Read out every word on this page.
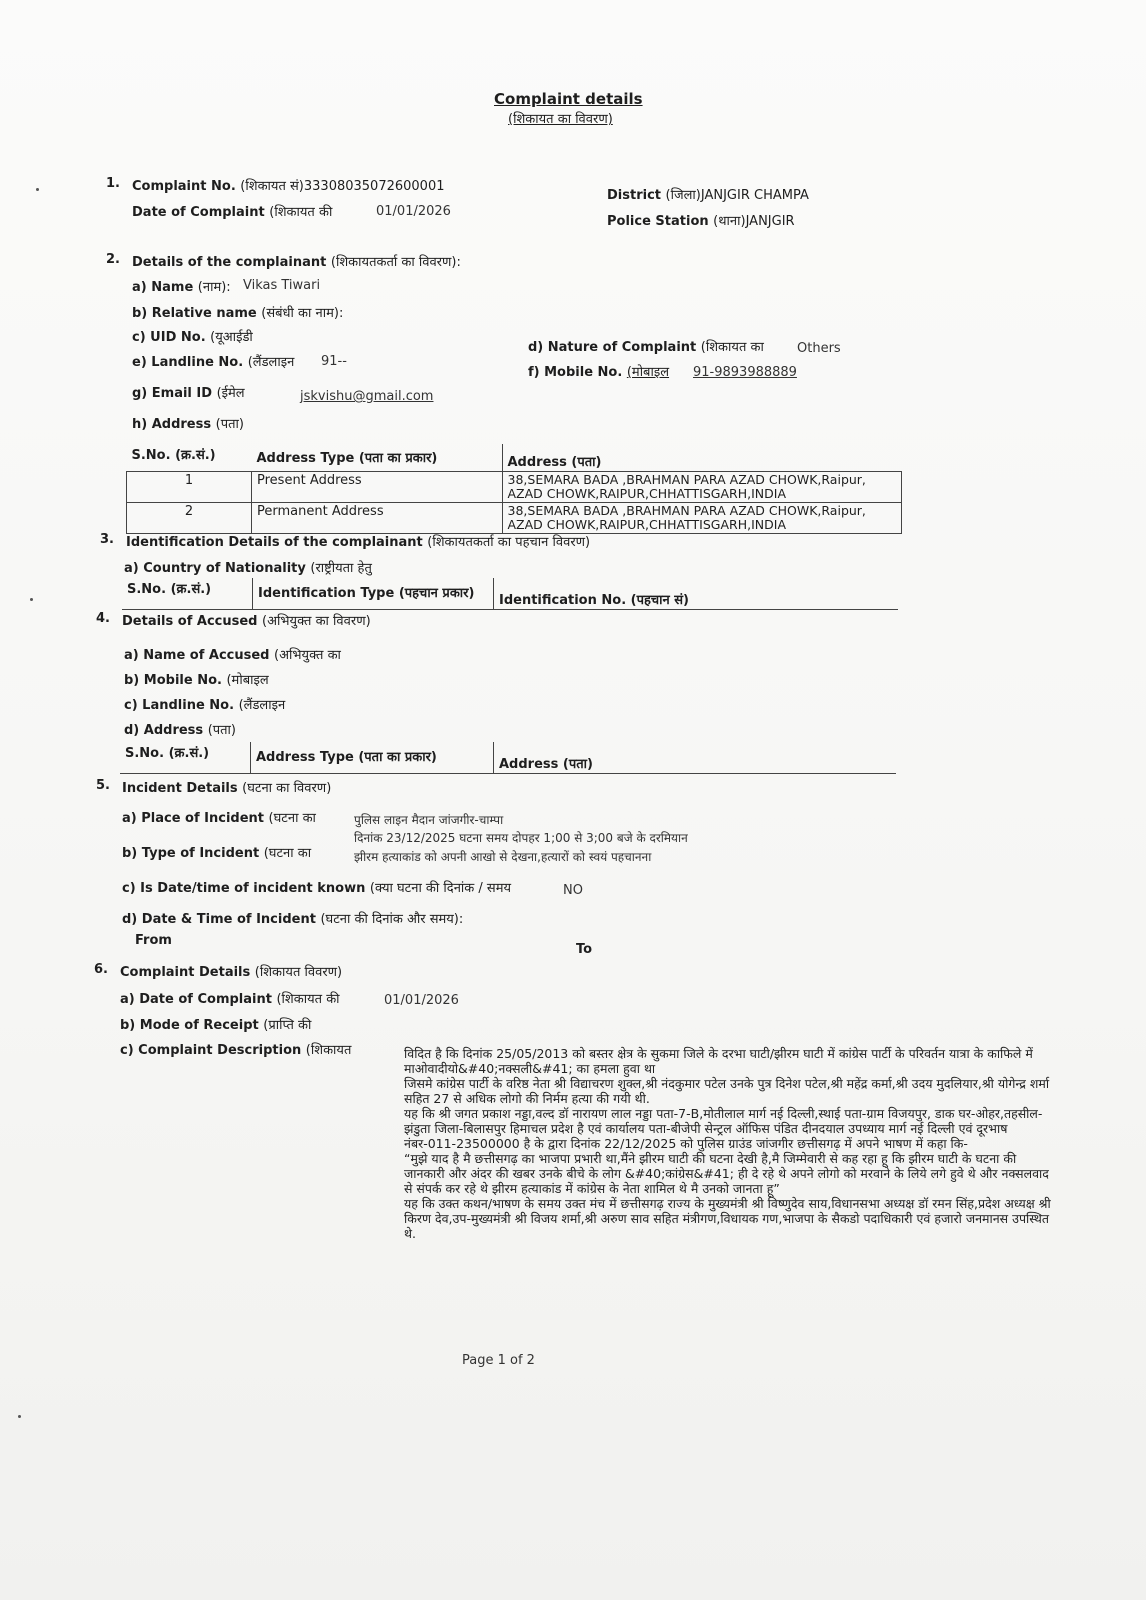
Complaint details
(शिकायत का विवरण)
1. Complaint No. (शिकायत सं)3330803507260000​1
Date of Complaint (शिकायत की	01/01/2026
District (जिला)JANJGIR CHAMPA
Police Station (थाना)JANJGIR
2. Details of the complainant (शिकायतकर्ता का विवरण):
a) Name (नाम): Vikas Tiwari
b) Relative name (संबंधी का नाम):
c) UID No. (यूआईडी
d) Nature of Complaint (शिकायत का	Others
e) Landline No. (लैंडलाइन 91--
f) Mobile No. (मोबाइल 91-9893988889
g) Email ID (ईमेल	jskvishu@gmail.com
h) Address (पता)
S.No. (क्र.सं.)	Address Type (पता का प्रकार)	Address (पता)
1	Present Address	38,SEMARA BADA ,BRAHMAN PARA AZAD CHOWK,Raipur, AZAD CHOWK,RAIPUR,CHHATTISGARH,INDIA
2	Permanent Address	38,SEMARA BADA ,BRAHMAN PARA AZAD CHOWK,Raipur, AZAD CHOWK,RAIPUR,CHHATTISGARH,INDIA
3. Identification Details of the complainant (शिकायतकर्ता का पहचान विवरण)
a) Country of Nationality (राष्ट्रीयता हेतु
S.No. (क्र.सं.)	Identification Type (पहचान प्रकार)	Identification No. (पहचान सं)
4. Details of Accused (अभियुक्त का विवरण)
a) Name of Accused (अभियुक्त का
b) Mobile No. (मोबाइल
c) Landline No. (लैंडलाइन
d) Address (पता)
S.No. (क्र.सं.)	Address Type (पता का प्रकार)	Address (पता)
5. Incident Details (घटना का विवरण)
a) Place of Incident (घटना का	पुलिस लाइन मैदान जांजगीर-चाम्पा
दिनांक 23/12/2025 घटना समय दोपहर 1;00 से 3;00 बजे के दरमियान
b) Type of Incident (घटना का	झीरम हत्याकांड को अपनी आखो से देखना,हत्यारों को स्वयं पहचानना
c) Is Date/time of incident known (क्या घटना की दिनांक / समय	NO
d) Date & Time of Incident (घटना की दिनांक और समय):
From
To
6. Complaint Details (शिकायत विवरण)
a) Date of Complaint (शिकायत की	01/01/2026
b) Mode of Receipt (प्राप्ति की
c) Complaint Description (शिकायत	विदित है कि दिनांक 25/05/2013 को बस्तर क्षेत्र के सुकमा जिले के दरभा घाटी/झीरम घाटी में कांग्रेस पार्टी के परिवर्तन यात्रा के काफिले में माओवादीयो&#40;नक्सली&#41; का हमला हुवा था

जिसमे कांग्रेस पार्टी के वरिष्ठ नेता श्री विद्याचरण शुक्ल,श्री नंदकुमार पटेल उनके पुत्र दिनेश पटेल,श्री महेंद्र कर्मा,श्री उदय मुदलियार,श्री योगेन्द्र शर्मा सहित 27 से अधिक लोगो की निर्मम हत्या की गयी थी.

यह कि श्री जगत प्रकाश नड्डा,वल्द डॉ नारायण लाल नड्डा पता-7-B,मोतीलाल मार्ग नई दिल्ली,स्थाई पता-ग्राम विजयपुर, डाक घर-ओहर,तहसील-झंडुता जिला-बिलासपुर हिमाचल प्रदेश है एवं कार्यालय पता-बीजेपी सेन्ट्रल ऑफिस पंडित दीनदयाल उपध्याय मार्ग नई दिल्ली एवं दूरभाष नंबर-011-23500000 है के द्वारा दिनांक 22/12/2025 को पुलिस ग्राउंड जांजगीर छत्तीसगढ़ में अपने भाषण में कहा कि-

“मुझे याद है मै छत्तीसगढ़ का भाजपा प्रभारी था,मैंने झीरम घाटी की घटना देखी है,मै जिम्मेवारी से कह रहा हू कि झीरम घाटी के घटना की जानकारी और अंदर की खबर उनके बीचे के लोग &#40;कांग्रेस&#41; ही दे रहे थे अपने लोगो को मरवाने के लिये लगे हुवे थे और नक्सलवाद से संपर्क कर रहे थे झीरम हत्याकांड में कांग्रेस के नेता शामिल थे मै उनको जानता हू”

यह कि उक्त कथन/भाषण के समय उक्त मंच में छत्तीसगढ़ राज्य के मुख्यमंत्री श्री विष्णुदेव साय,विधानसभा अध्यक्ष डॉ रमन सिंह,प्रदेश अध्यक्ष श्री किरण देव,उप-मुख्यमंत्री श्री विजय शर्मा,श्री अरुण साव सहित मंत्रीगण,विधायक गण,भाजपा के सैकडो पदाधिकारी एवं हजारो जनमानस उपस्थित थे.

Page 1 of 2
